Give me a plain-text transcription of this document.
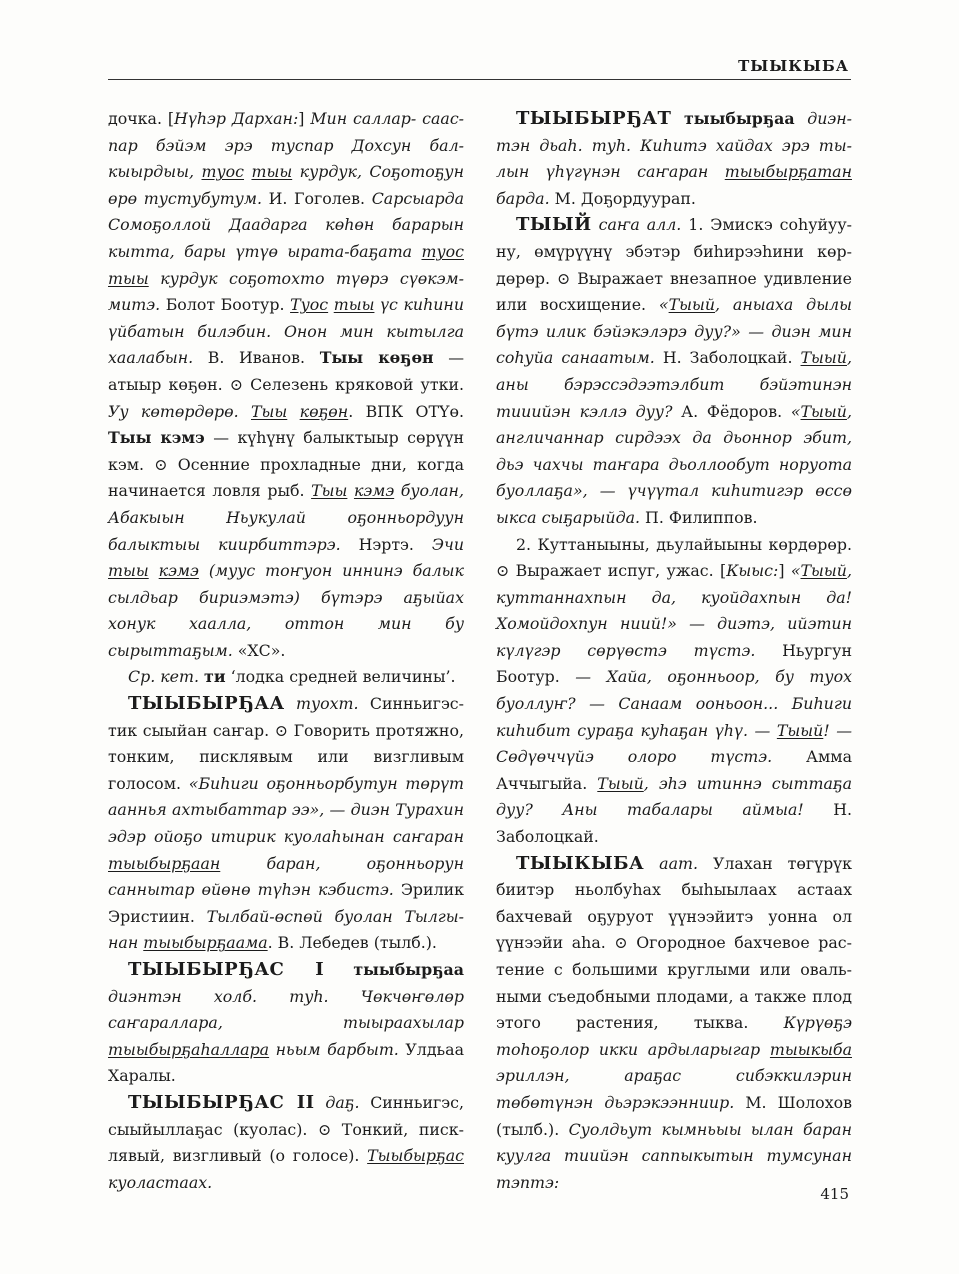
ТЫЫКЫБА

дочка. [Нүһэр Дархан:] Мин саллар- сааспар бэйэм эрэ туспар Дохсун балкыырдыы, туос тыы курдук, Соҕотоҕун өрө тустубутум. И. Гоголев. Сарсыарда Сомоҕоллой Даадарга көһөн барарын кытта, бары үтүө ырата-баҕата туос тыы курдук соҕотохто түөрэ сүөкэммитэ. Болот Боотур. Туос тыы үс киһини үйбатын билэбин. Онон мин кытылга хаалабын. В. Иванов. Тыы көҕөн — атыыр көҕөн. ⊙ Селезень кряковой утки. Уу көтөрдөрө. Тыы көҕөн. ВПК ОТҮө. Тыы кэмэ — күһүнү балыктыыр сөрүүн кэм. ⊙ Осенние прохладные дни, когда начинается ловля рыб. Тыы кэмэ буолан, Абакыын Ньукулай оҕонньордуун балыктыы киирбиттэрэ. Нэртэ. Эчи тыы кэмэ (муус тоҥуон иннинэ балык сылдьар бириэмэтэ) бүтэрэ аҕыйах хонук хаалла, оттон мин бу сырыттаҕым. «ХС».

Ср. кет. ти ‘лодка средней величины’.

ТЫЫБЫРҔАА туохт. Синньигэстик сыыйан саҥар. ⊙ Говорить протяжно, тонким, писклявым или визгливым голосом. «Биһиги оҕонньорбутун төрүт ааннья ахтыбаттар ээ», — диэн Турахин эдэр ойоҕо итирик куолаһынан саҥаран тыыбырҕаан баран, оҕонньорун саннытар өйөнө түһэн кэбистэ. Эрилик Эристиин. Тылбай-өспөй буолан Тылгынан тыыбырҕаама. В. Лебедев (тылб.).

ТЫЫБЫРҔАС I тыыбырҕаа диэнтэн холб. туһ. Чөкчөҥөлөр саҥараллара, тыыраахылар тыыбырҕаһаллара ньым барбыт. Улдьаа Харалы.

ТЫЫБЫРҔАС II даҕ. Синньигэс, сыыйыллаҕас (куолас). ⊙ Тонкий, писклявый, визгливый (о голосе). Тыыбырҕас куоластаах.

ТЫЫБЫРҔАТ тыыбырҕаа диэнтэн дьаһ. туһ. Киһитэ хайдах эрэ тылын үһүгүнэн саҥаран тыыбырҕатан барда. М. Доҕордуурап.

ТЫЫЙ саҥа алл. 1. Эмискэ соһуйууну, өмүрүүнү эбэтэр биһирээһини көрдөрөр. ⊙ Выражает внезапное удивление или восхищение. «Тыый, аныаха дылы бүтэ илик бэйэкэлэрэ дуу?» — диэн мин соһуйа санаатым. Н. Заболоцкай. Тыый, аны бэрэссэдээтэлбит бэйэтинэн тииийэн кэллэ дуу? А. Фёдоров. «Тыый, англичаннар сирдээх да дьоннор эбит, дьэ чахчы таҥара дьоллообут норуота буоллаҕа», — үчүүтал киһитигэр өссө ыкса сыҕарыйда. П. Филиппов.

2. Куттаныыны, дьулайыыны көрдөрөр. ⊙ Выражает испуг, ужас. [Кыыс:] «Тыый, куттаннахпын да, куойдахпын да! Хомойдохпун ниий!» — диэтэ, ийэтин күлүгэр сөрүөстэ түстэ. Ньургун Боотур. — Хайа, оҕонньоор, бу туох буоллуҥ? — Санаам ооньоон... Биһиги киһибит сураҕа куһаҕан үһү. — Тыый! — Сөдүөччүйэ олоро түстэ. Амма Аччыгыйа. Тыый, эһэ итиннэ сыттаҕа дуу? Аны табалары аймыа! Н. Заболоцкай.

ТЫЫКЫБА аат. Улахан төгүрүк биитэр ньолбуһах быһыылаах астаах бахчевай оҕуруот үүнээйитэ уонна ол үүнээйи аһа. ⊙ Огородное бахчевое растение с большими круглыми или овальными съедобными плодами, а также плод этого растения, тыква. Күрүөҕэ тоһоҕолор икки ардыларыгар тыыкыба эриллэн, араҕас сибэккилэрин төбөтүнэн дьэрэкээнниир. М. Шолохов (тылб.). Суолдьут кымньыы ылан баран куулга тиийэн саппыкытын тумсунан тэптэ:

415
